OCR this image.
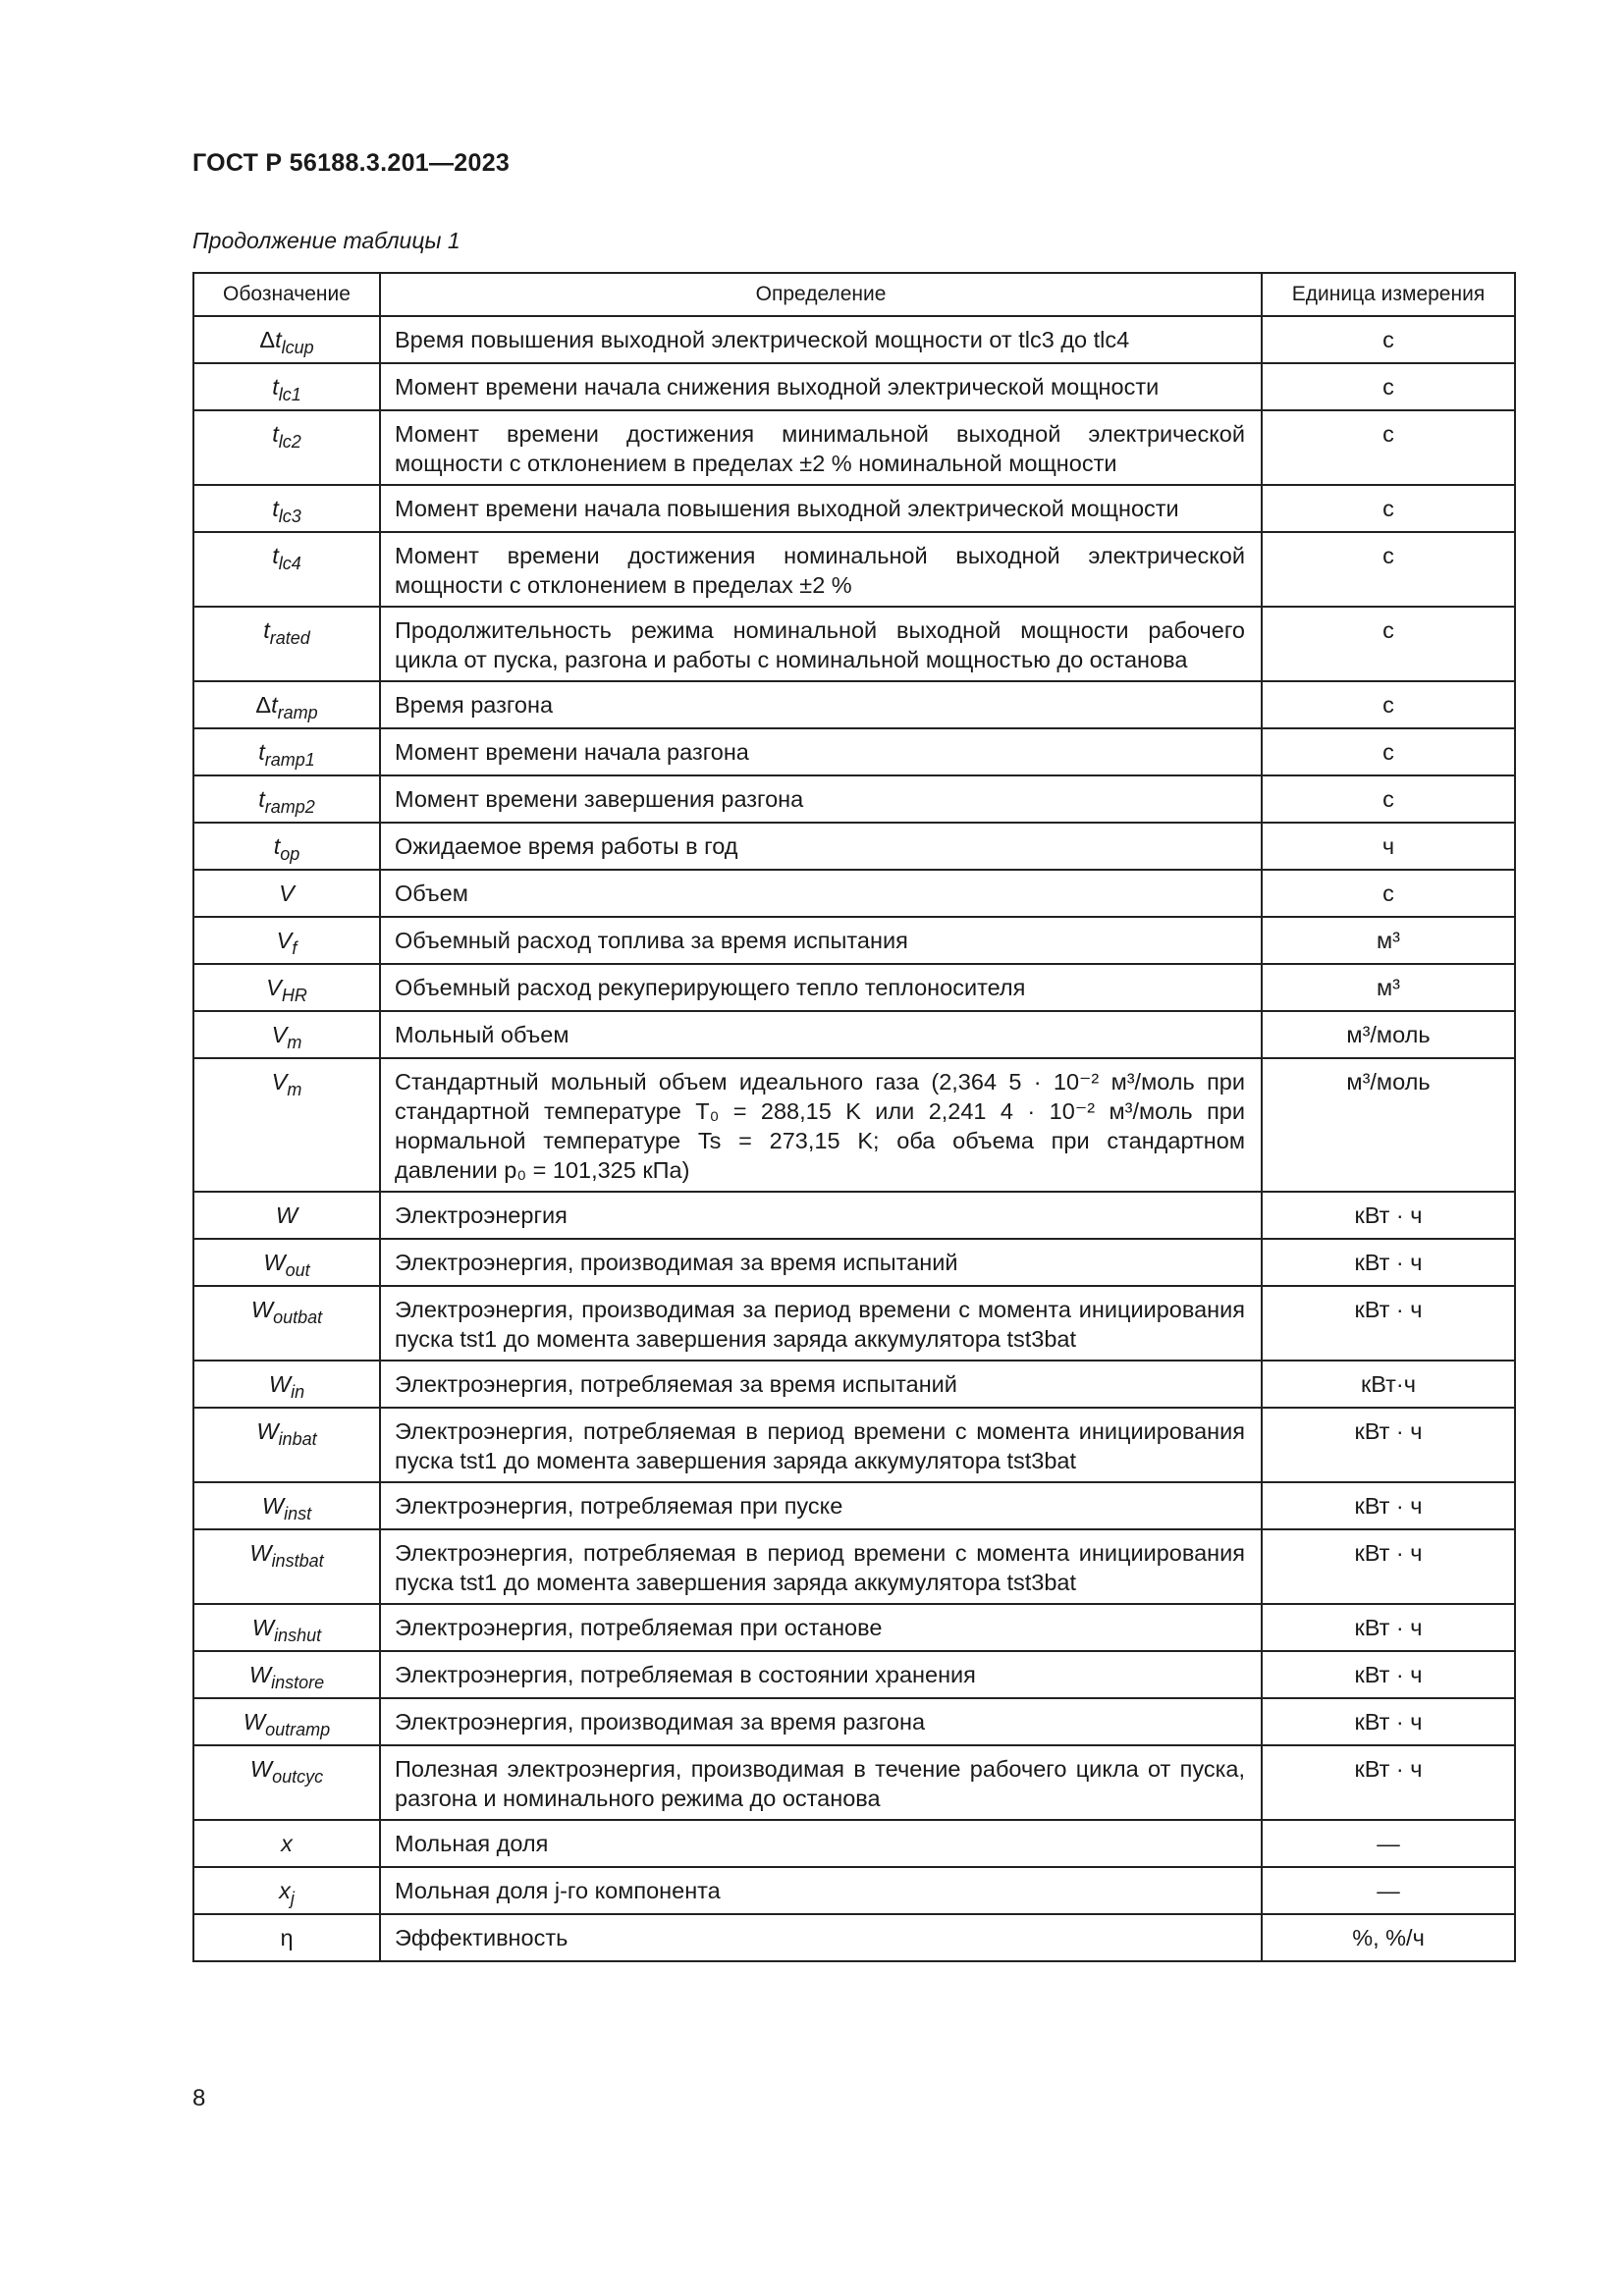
ГОСТ Р 56188.3.201—2023
Продолжение таблицы 1
Обозначение	Определение	Единица измерения
$\Delta t_{lcup}$	Время повышения выходной электрической мощности от tlc3 до tlc4	с
$t_{lc1}$	Момент времени начала снижения выходной электрической мощности	с
$t_{lc2}$	Момент времени достижения минимальной выходной электрической мощности с отклонением в пределах ±2 % номинальной мощности	с
$t_{lc3}$	Момент времени начала повышения выходной электрической мощности	с
$t_{lc4}$	Момент времени достижения номинальной выходной электрической мощности с отклонением в пределах ±2 %	с
$t_{rated}$	Продолжительность режима номинальной выходной мощности рабочего цикла от пуска, разгона и работы с номинальной мощностью до останова	с
$\Delta t_{ramp}$	Время разгона	с
$t_{ramp1}$	Момент времени начала разгона	с
$t_{ramp2}$	Момент времени завершения разгона	с
$t_{op}$	Ожидаемое время работы в год	ч
V	Объем	с
$V_f$	Объемный расход топлива за время испытания	м³
$V_{HR}$	Объемный расход рекуперирующего тепло теплоносителя	м³
$V_m$	Мольный объем	м³/моль
$V_m$	Стандартный мольный объем идеального газа (2,364 5 · 10⁻² м³/моль при стандартной температуре T₀ = 288,15 K или 2,241 4 · 10⁻² м³/моль при нормальной температуре Ts = 273,15 K; оба объема при стандартном давлении p₀ = 101,325 кПа)	м³/моль
W	Электроэнергия	кВт · ч
$W_{out}$	Электроэнергия, производимая за время испытаний	кВт · ч
$W_{outbat}$	Электроэнергия, производимая за период времени с момента инициирования пуска tst1 до момента завершения заряда аккумулятора tst3bat	кВт · ч
$W_{in}$	Электроэнергия, потребляемая за время испытаний	кВт·ч
$W_{inbat}$	Электроэнергия, потребляемая в период времени с момента инициирования пуска tst1 до момента завершения заряда аккумулятора tst3bat	кВт · ч
$W_{inst}$	Электроэнергия, потребляемая при пуске	кВт · ч
$W_{instbat}$	Электроэнергия, потребляемая в период времени с момента инициирования пуска tst1 до момента завершения заряда аккумулятора tst3bat	кВт · ч
$W_{inshut}$	Электроэнергия, потребляемая при останове	кВт · ч
$W_{instore}$	Электроэнергия, потребляемая в состоянии хранения	кВт · ч
$W_{outramp}$	Электроэнергия, производимая за время разгона	кВт · ч
$W_{outcyc}$	Полезная электроэнергия, производимая в течение рабочего цикла от пуска, разгона и номинального режима до останова	кВт · ч
x	Мольная доля	—
$x_j$	Мольная доля j-го компонента	—
η	Эффективность	%, %/ч
8
